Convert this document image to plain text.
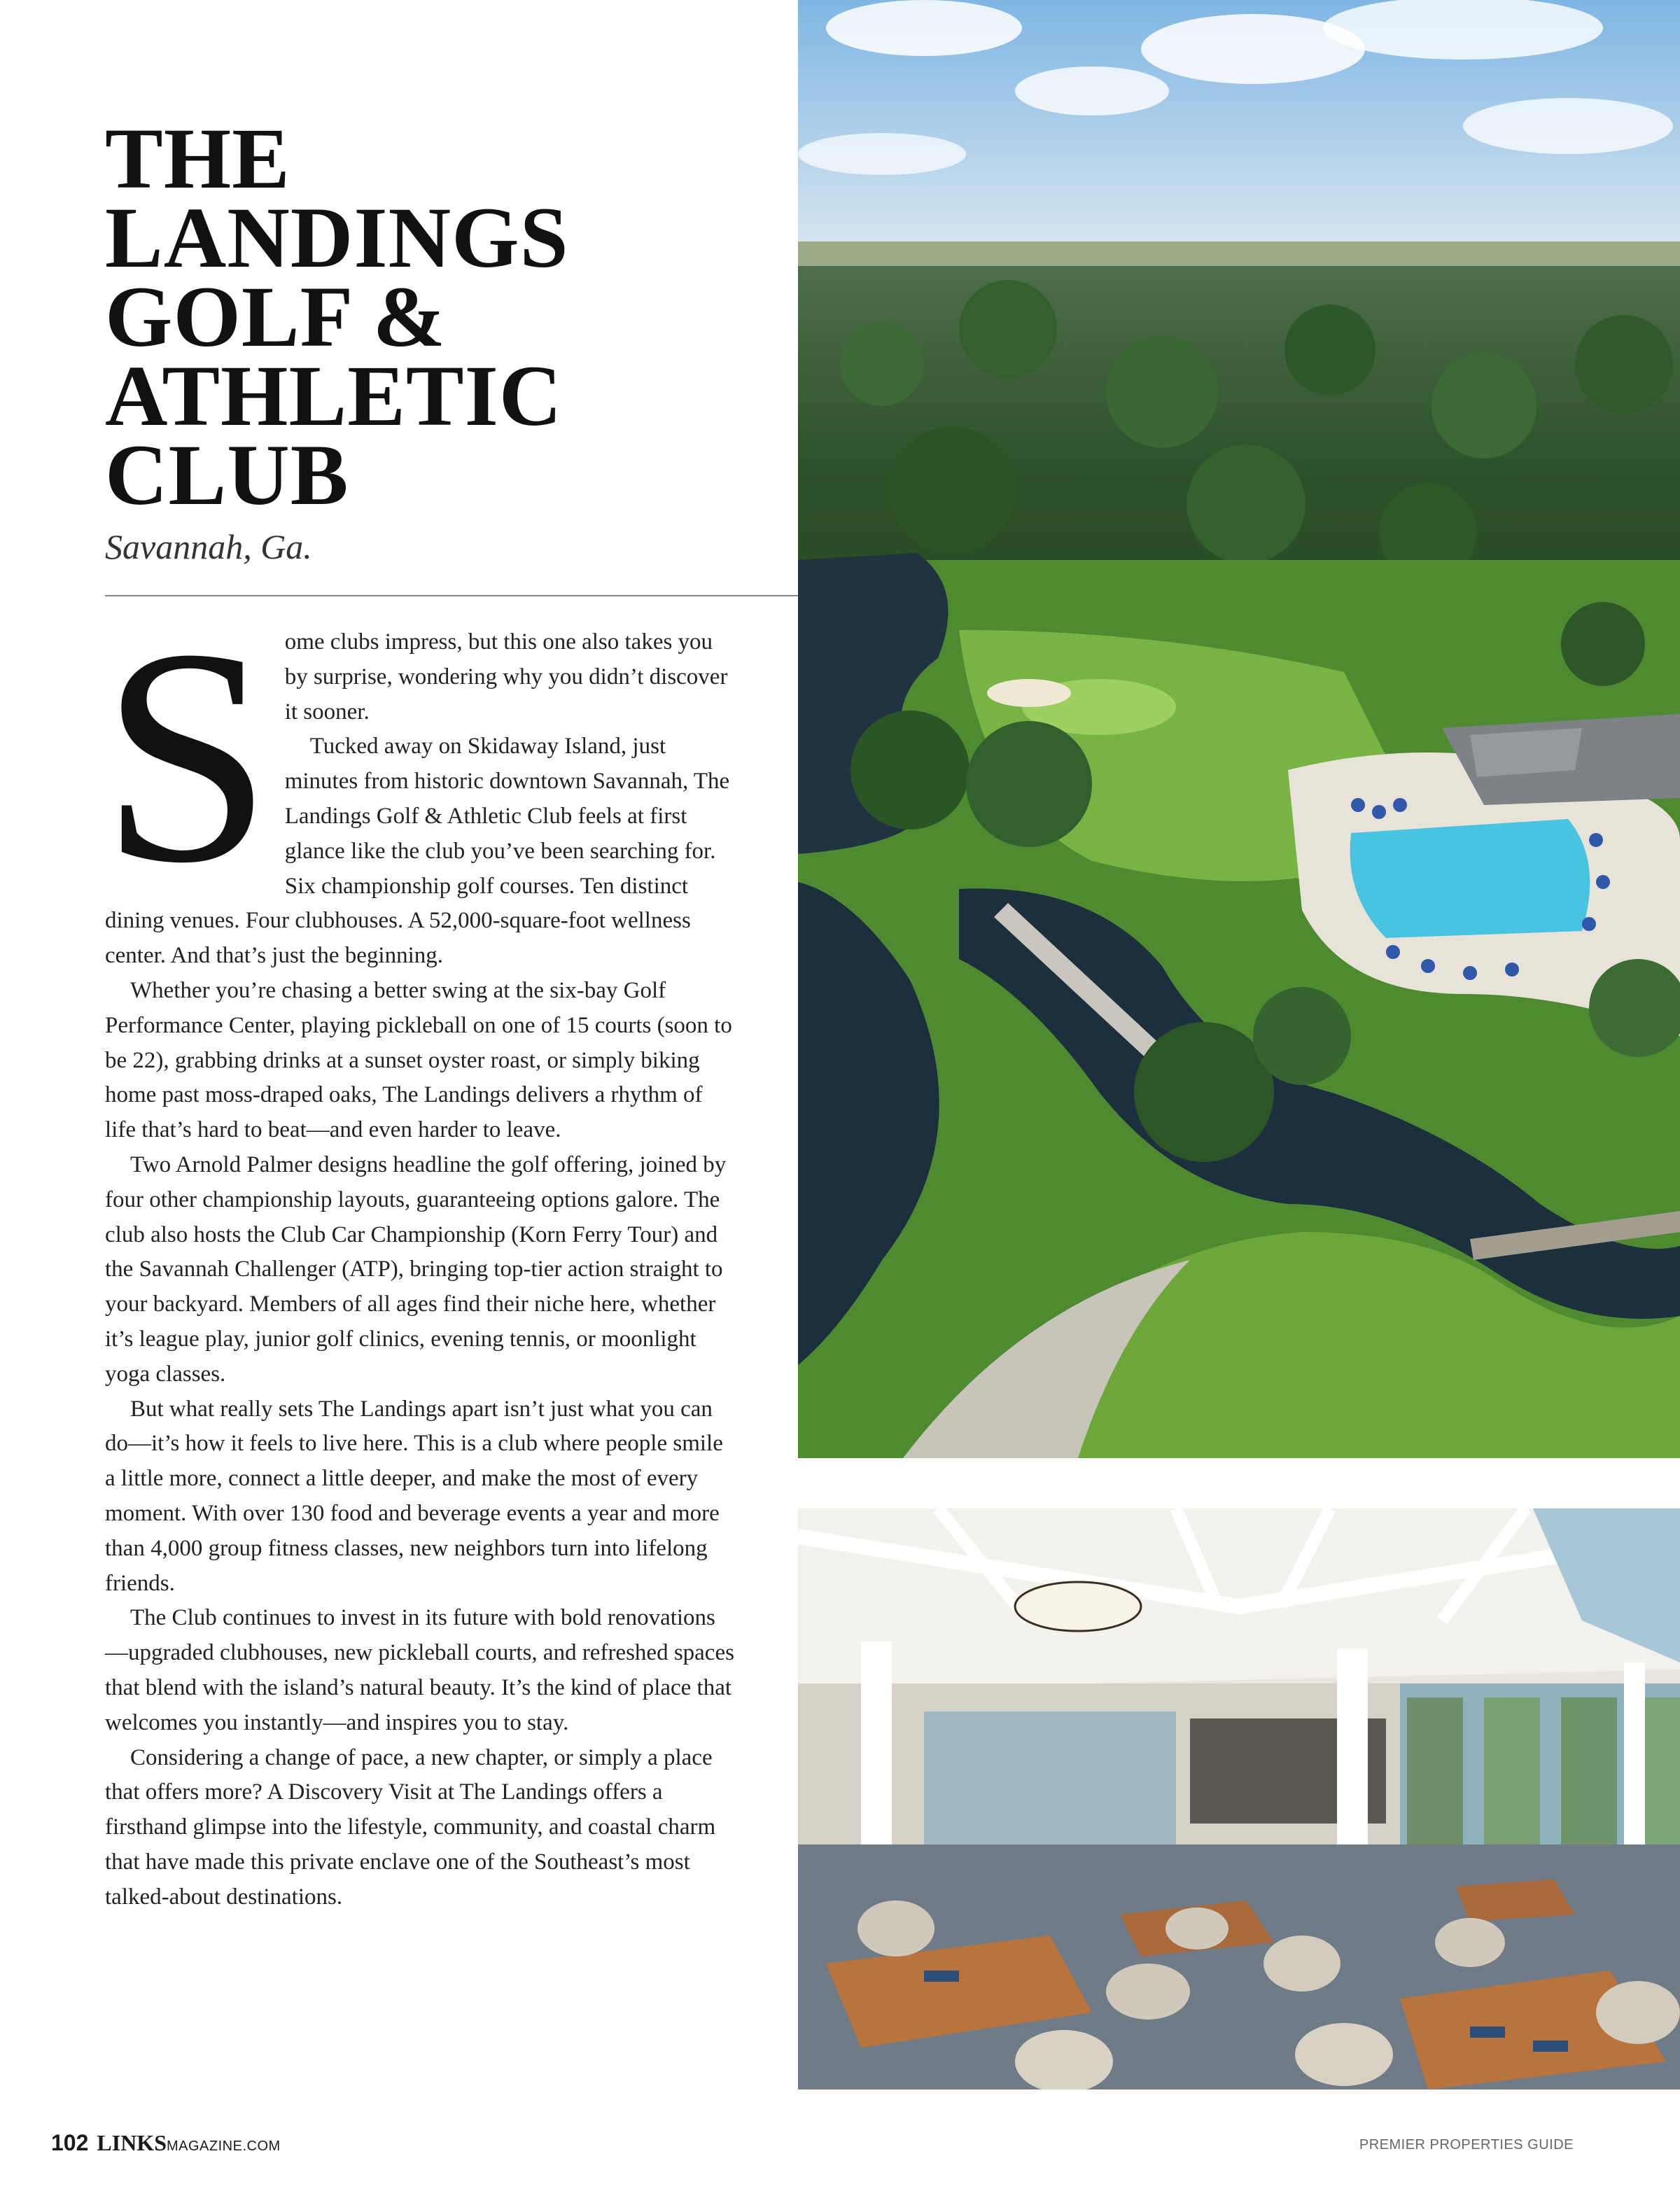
THE
LANDINGS
GOLF &
ATHLETIC
CLUB
Savannah, Ga.
S ome clubs impress, but this one also takes you by surprise, wondering why you didn’t discover it sooner.

Tucked away on Skidaway Island, just minutes from historic downtown Savannah, The Landings Golf & Athletic Club feels at first glance like the club you’ve been searching for. Six championship golf courses. Ten distinct dining venues. Four clubhouses. A 52,000-square-foot wellness center. And that’s just the beginning.

Whether you’re chasing a better swing at the six-bay Golf Performance Center, playing pickleball on one of 15 courts (soon to be 22), grabbing drinks at a sunset oyster roast, or simply biking home past moss-draped oaks, The Landings delivers a rhythm of life that’s hard to beat—and even harder to leave.

Two Arnold Palmer designs headline the golf offering, joined by four other championship layouts, guaranteeing options galore. The club also hosts the Club Car Championship (Korn Ferry Tour) and the Savannah Challenger (ATP), bringing top-tier action straight to your backyard. Members of all ages find their niche here, whether it’s league play, junior golf clinics, evening tennis, or moonlight yoga classes.

But what really sets The Landings apart isn’t just what you can do—it’s how it feels to live here. This is a club where people smile a little more, connect a little deeper, and make the most of every moment. With over 130 food and beverage events a year and more than 4,000 group fitness classes, new neighbors turn into lifelong friends.

The Club continues to invest in its future with bold renovations—upgraded clubhouses, new pickleball courts, and refreshed spaces that blend with the island’s natural beauty. It’s the kind of place that welcomes you instantly—and inspires you to stay.

Considering a change of pace, a new chapter, or simply a place that offers more? A Discovery Visit at The Landings offers a firsthand glimpse into the lifestyle, community, and coastal charm that have made this private enclave one of the Southeast’s most talked-about destinations.

102 LINKSMAGAZINE.COM	PREMIER PROPERTIES GUIDE
